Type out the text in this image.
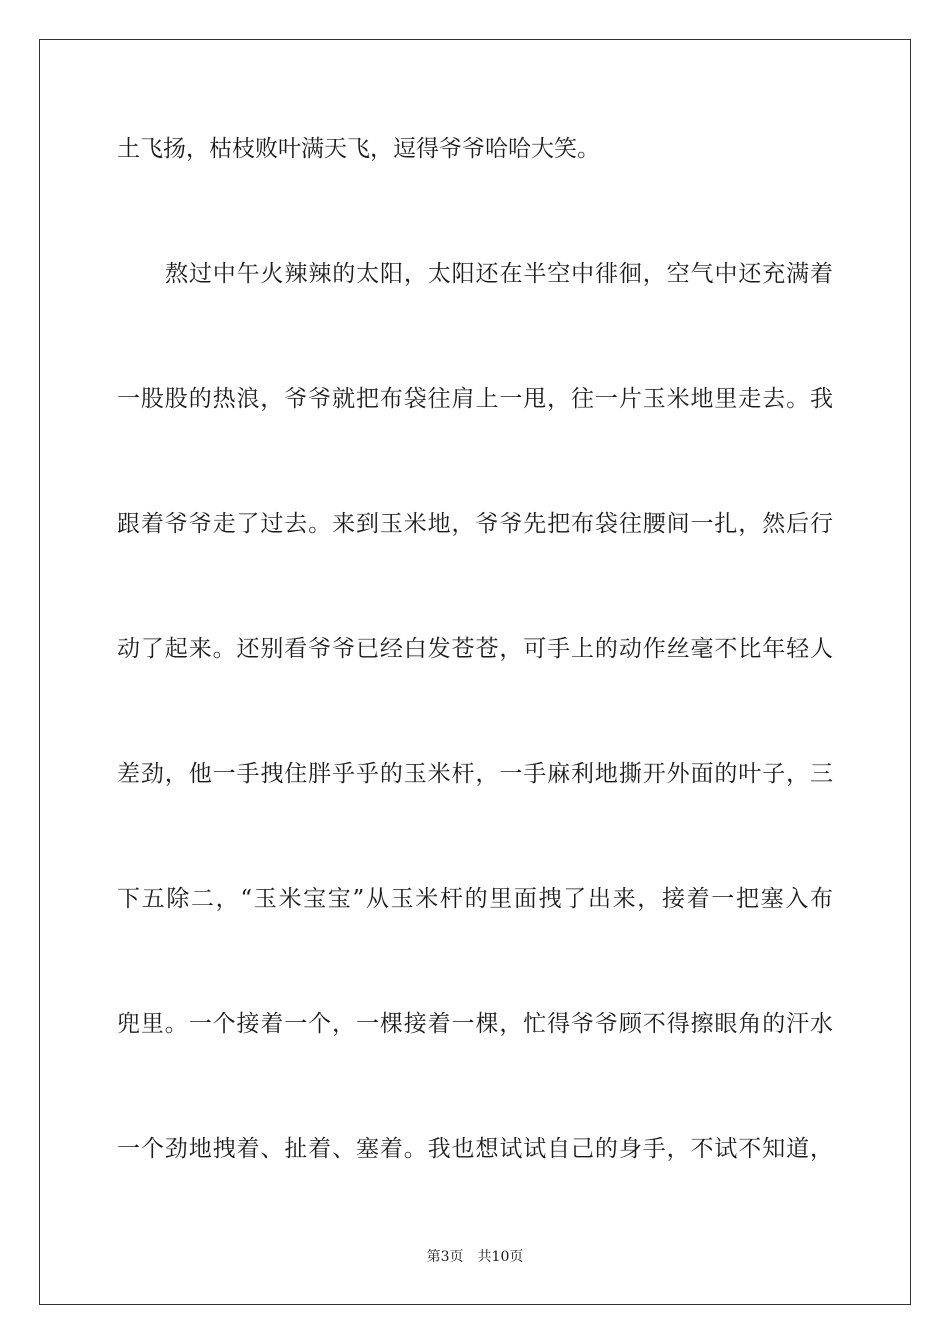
土飞扬，枯枝败叶满天飞，逗得爷爷哈哈大笑。
熬过中午火辣辣的太阳，太阳还在半空中徘徊，空气中还充满着
一股股的热浪，爷爷就把布袋往肩上一甩，往一片玉米地里走去。我
跟着爷爷走了过去。来到玉米地，爷爷先把布袋往腰间一扎，然后行
动了起来。还别看爷爷已经白发苍苍，可手上的动作丝毫不比年轻人
差劲，他一手拽住胖乎乎的玉米杆，一手麻利地撕开外面的叶子，三
下五除二，“玉米宝宝”从玉米杆的里面拽了出来，接着一把塞入布
兜里。一个接着一个，一棵接着一棵，忙得爷爷顾不得擦眼角的汗水
一个劲地拽着、扯着、塞着。我也想试试自己的身手，不试不知道，
第3页　共10页
